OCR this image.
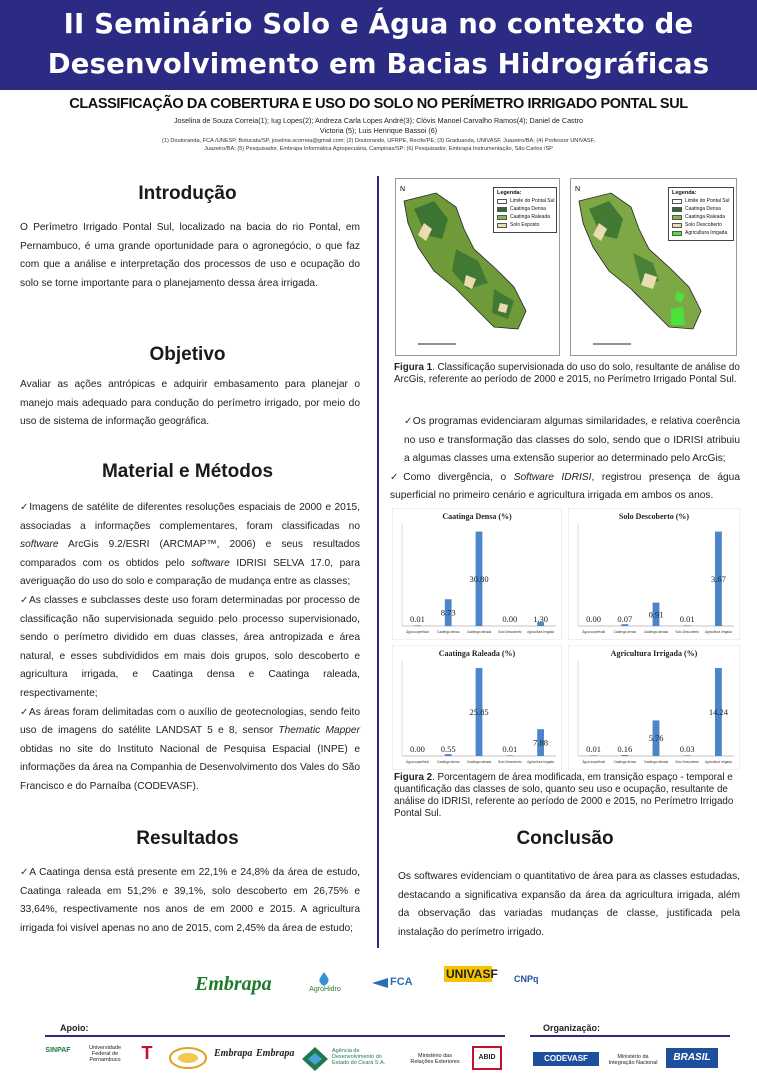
II Seminário Solo e Água no contexto de
Desenvolvimento em Bacias Hidrográficas
CLASSIFICAÇÃO DA COBERTURA E USO DO SOLO NO PERÍMETRO IRRIGADO PONTAL SUL
Joselina de Souza Correia(1); Iug Lopes(2); Andreza Carla Lopes André(3); Clóvis Manoel Carvalho Ramos(4); Daniel de Castro
Victoria (5); Luis Henrique Bassoi (6)
(1) Doutoranda, FCA /UNESP, Botucatu/SP, joselina.scorreia@gmail.com; (2) Doutorando, UFRPE, Recife/PE; (3) Graduanda, UNIVASF, Juazeiro/BA; (4) Professor UNIVASF,
Juazeiro/BA; (5) Pesquisador, Embrapa Informática Agropecuária, Campinas/SP; (6) Pesquisador, Embrapa Instrumentação, São Carlos /SP
Introdução
O Perímetro Irrigado Pontal Sul, localizado na bacia do rio Pontal, em Pernambuco, é uma grande oportunidade para o agronegócio, o que faz com que a análise e interpretação dos processos de uso e ocupação do solo se torne importante para o planejamento dessa área irrigada.
Objetivo
Avaliar as ações antrópicas e adquirir embasamento para planejar o manejo mais adequado para condução do perímetro irrigado, por meio do uso de sistema de informação geográfica.
Material e Métodos
✓Imagens de satélite de diferentes resoluções espaciais de 2000 e 2015, associadas a informações complementares, foram classificadas no software ArcGis 9.2/ESRI (ARCMAP™, 2006) e seus resultados comparados com os obtidos pelo software IDRISI SELVA 17.0, para averiguação do uso do solo e comparação de mudança entre as classes;
✓As classes e subclasses deste uso foram determinadas por processo de classificação não supervisionada seguido pelo processo supervisionado, sendo o perímetro dividido em duas classes, área antropizada e área natural, e esses subdivididos em mais dois grupos, solo descoberto e agricultura irrigada, e Caatinga densa e Caatinga raleada, respectivamente;
✓As áreas foram delimitadas com o auxílio de geotecnologias, sendo feito uso de imagens do satélite LANDSAT 5 e 8, sensor Thematic Mapper obtidas no site do Instituto Nacional de Pesquisa Espacial (INPE) e informações da área na Companhia de Desenvolvimento dos Vales do São Francisco e do Parnaíba (CODEVASF).
Resultados
✓A Caatinga densa está presente em 22,1% e 24,8% da área de estudo, Caatinga raleada em 51,2% e 39,1%, solo descoberto em 26,75% e 33,64%, respectivamente nos anos de em 2000 e 2015. A agricultura irrigada foi visível apenas no ano de 2015, com 2,45% da área de estudo;
N	Legenda:
Limite do Pontal Sul
Caatinga Densa
Caatinga Raleada
Solo Exposto
N	Legenda:
Limite do Pontal Sul
Caatinga Densa
Caatinga Raleada
Solo Descoberto
Agricultura Irrigada
Figura 1. Classificação supervisionada do uso do solo, resultante de análise do ArcGis, referente ao período de 2000 e 2015, no Perímetro Irrigado Pontal Sul.
✓Os programas evidenciaram algumas similaridades, e relativa coerência no uso e transformação das classes do solo, sendo que o IDRISI atribuiu a algumas classes uma extensão superior ao determinado pelo ArcGis;
✓Como divergência, o Software IDRISI, registrou presença de água superficial no primeiro cenário e agricultura irrigada em ambos os anos.
Caatinga Densa (%)
0.01
Água superficial
8.73
Caatinga densa
30.80
Caatinga raleada
0.00
Solo Descoberto
1.30
Agricultura Irrigada
Solo Descoberto (%)
0.00
Água superficial
0.07
Caatinga densa
0.91
Caatinga raleada
0.01
Solo Descoberto
3.67
Agricultura Irrigada
Caatinga Raleada (%)
0.00
Água superficial
0.55
Caatinga densa
25.85
Caatinga raleada
0.01
Solo Descoberto
7.88
Agricultura Irrigada
Agricultura Irrigada (%)
0.01
Água superficial
0.16
Caatinga densa
5.76
Caatinga raleada
0.03
Solo Descoberto
14.24
Agricultura Irrigada
Figura 2. Porcentagem de área modificada, em transição espaço - temporal e quantificação das classes de solo, quanto seu uso e ocupação, resultante de análise do IDRISI, referente ao período de 2000 e 2015, no Perímetro Irrigado Pontal Sul.
Conclusão
Os softwares evidenciam o quantitativo de área para as classes estudadas, destacando a significativa expansão da área da agricultura irrigada, além da observação das variadas mudanças de classe, justificada pela instalação do perímetro irrigado.
Embrapa	AgroHidro
FCA
UNIVASF CNPq
Apoio:	Organização:
SINPAF	Universidade Federal de Pernambuco	T	Embrapa Embrapa	Agência de Desenvolvimento do Estado do Ceará S.A.
Ministério das Relações Exteriores
ABID	CODEVASF	Ministério da Integração Nacional	BRASIL
